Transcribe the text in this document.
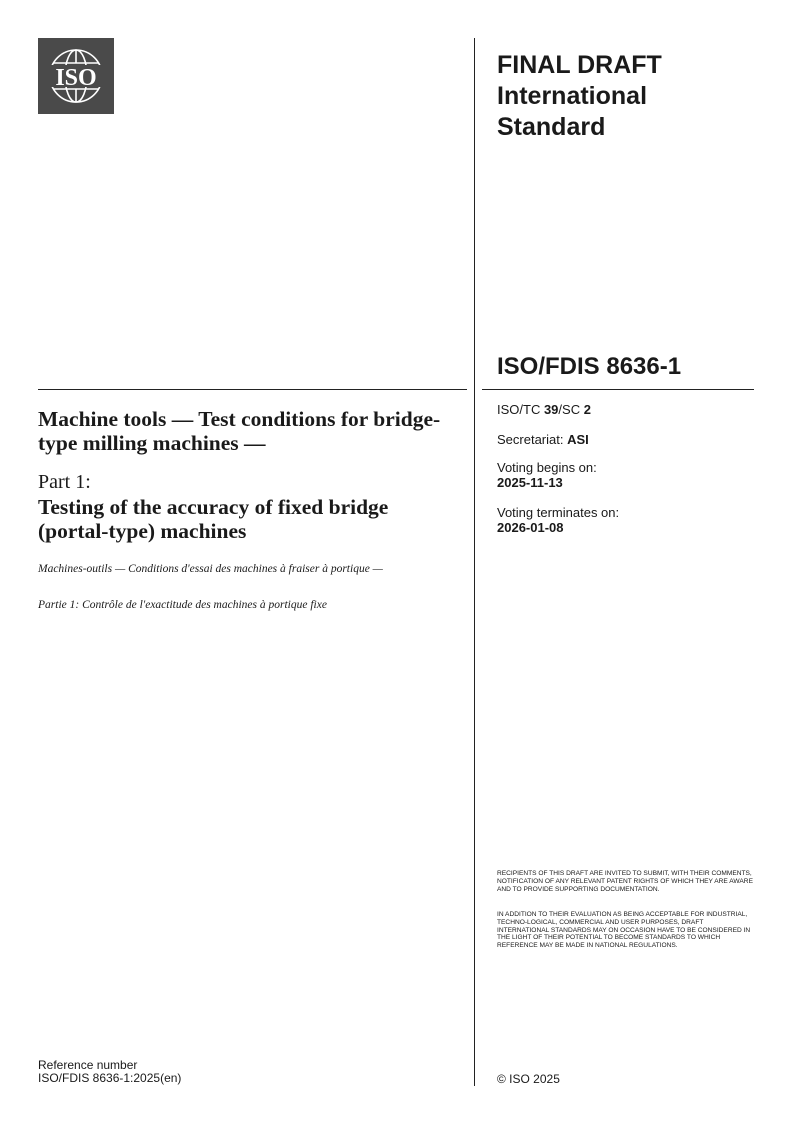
ISO	FINAL DRAFT
International
Standard
ISO/FDIS 8636-1
ISO/TC 39/SC 2
Secretariat: ASI
Voting begins on:
2025-11-13
Voting terminates on:
2026-01-08
Machine tools — Test conditions for bridge-type milling machines —
Part 1:
Testing of the accuracy of fixed bridge (portal-type) machines
Machines-outils — Conditions d'essai des machines à fraiser à portique —
Partie 1: Contrôle de l'exactitude des machines à portique fixe
RECIPIENTS OF THIS DRAFT ARE INVITED TO SUBMIT, WITH THEIR COMMENTS, NOTIFICATION OF ANY RELEVANT PATENT RIGHTS OF WHICH THEY ARE AWARE AND TO PROVIDE SUPPORTING DOCUMENTATION.
IN ADDITION TO THEIR EVALUATION AS BEING ACCEPTABLE FOR INDUSTRIAL, TECHNO-LOGICAL, COMMERCIAL AND USER PURPOSES, DRAFT INTERNATIONAL STANDARDS MAY ON OCCASION HAVE TO BE CONSIDERED IN THE LIGHT OF THEIR POTENTIAL TO BECOME STANDARDS TO WHICH REFERENCE MAY BE MADE IN NATIONAL REGULATIONS.
Reference number
ISO/FDIS 8636-1:2025(en)	© ISO 2025
